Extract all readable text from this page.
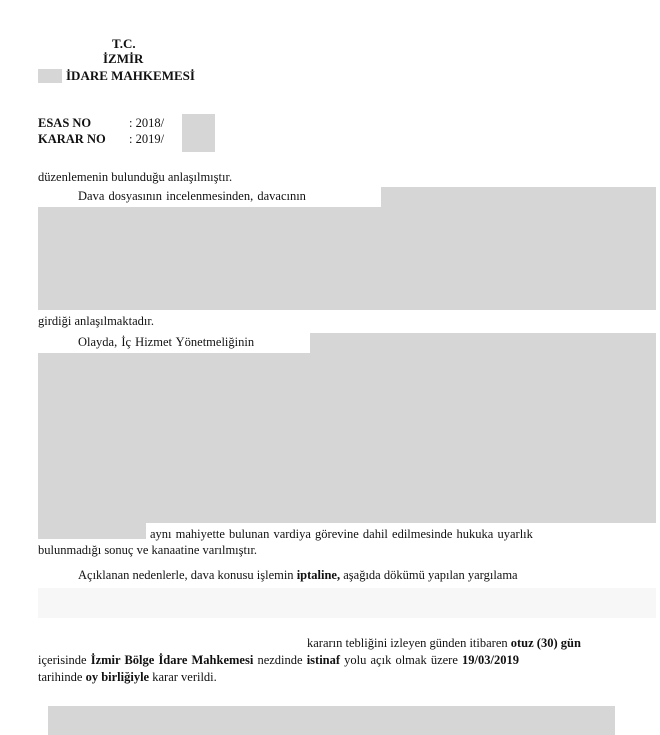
T.C.
İZMİR
İDARE MAHKEMESİ
ESAS NO	: 2018/
KARAR NO : 2019/
düzenlemenin bulunduğu anlaşılmıştır.
Dava dosyasının incelenmesinden, davacının
girdiği anlaşılmaktadır.
Olayda, İç Hizmet Yönetmeliğinin
aynı mahiyette bulunan vardiya görevine dahil edilmesinde hukuka uyarlık
bulunmadığı sonuç ve kanaatine varılmıştır.
Açıklanan nedenlerle, dava konusu işlemin iptaline, aşağıda dökümü yapılan yargılama
kararın tebliğini izleyen günden itibaren otuz (30) gün
içerisinde İzmir Bölge İdare Mahkemesi nezdinde istinaf yolu açık olmak üzere 19/03/2019
tarihinde oy birliğiyle karar verildi.
